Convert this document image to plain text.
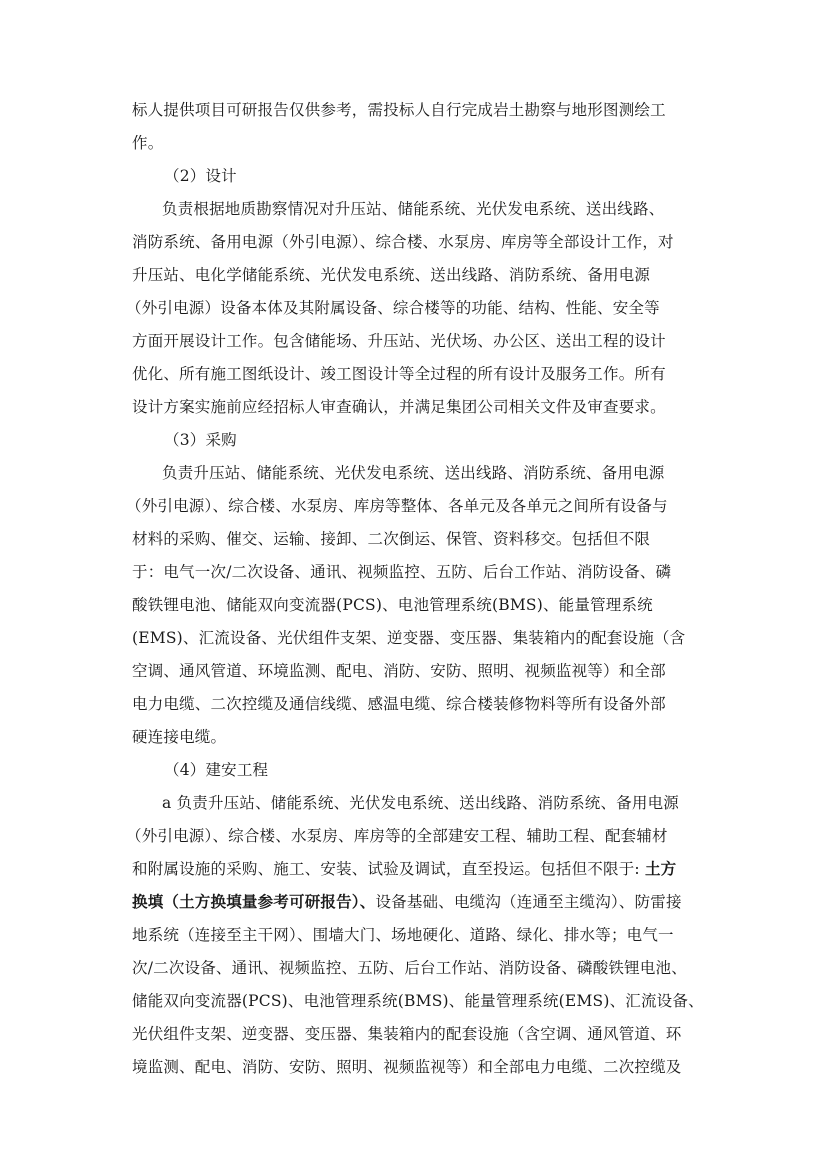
标人提供项目可研报告仅供参考，需投标人自行完成岩土勘察与地形图测绘工
作。
（2）设计
负责根据地质勘察情况对升压站、储能系统、光伏发电系统、送出线路、
消防系统、备用电源（外引电源）、综合楼、水泵房、库房等全部设计工作，对
升压站、电化学储能系统、光伏发电系统、送出线路、消防系统、备用电源
（外引电源）设备本体及其附属设备、综合楼等的功能、结构、性能、安全等
方面开展设计工作。包含储能场、升压站、光伏场、办公区、送出工程的设计
优化、所有施工图纸设计、竣工图设计等全过程的所有设计及服务工作。所有
设计方案实施前应经招标人审查确认，并满足集团公司相关文件及审查要求。
（3）采购
负责升压站、储能系统、光伏发电系统、送出线路、消防系统、备用电源
（外引电源）、综合楼、水泵房、库房等整体、各单元及各单元之间所有设备与
材料的采购、催交、运输、接卸、二次倒运、保管、资料移交。包括但不限
于：电气一次/二次设备、通讯、视频监控、五防、后台工作站、消防设备、磷
酸铁锂电池、储能双向变流器(PCS)、电池管理系统(BMS)、能量管理系统
(EMS)、汇流设备、光伏组件支架、逆变器、变压器、集装箱内的配套设施（含
空调、通风管道、环境监测、配电、消防、安防、照明、视频监视等）和全部
电力电缆、二次控缆及通信线缆、感温电缆、综合楼装修物料等所有设备外部
硬连接电缆。
（4）建安工程
a 负责升压站、储能系统、光伏发电系统、送出线路、消防系统、备用电源
（外引电源）、综合楼、水泵房、库房等的全部建安工程、辅助工程、配套辅材
和附属设施的采购、施工、安装、试验及调试，直至投运。包括但不限于: 土方
换填（土方换填量参考可研报告）、设备基础、电缆沟（连通至主缆沟）、防雷接
地系统（连接至主干网）、围墙大门、场地硬化、道路、绿化、排水等；电气一
次/二次设备、通讯、视频监控、五防、后台工作站、消防设备、磷酸铁锂电池、
储能双向变流器(PCS)、电池管理系统(BMS)、能量管理系统(EMS)、汇流设备、
光伏组件支架、逆变器、变压器、集装箱内的配套设施（含空调、通风管道、环
境监测、配电、消防、安防、照明、视频监视等）和全部电力电缆、二次控缆及
